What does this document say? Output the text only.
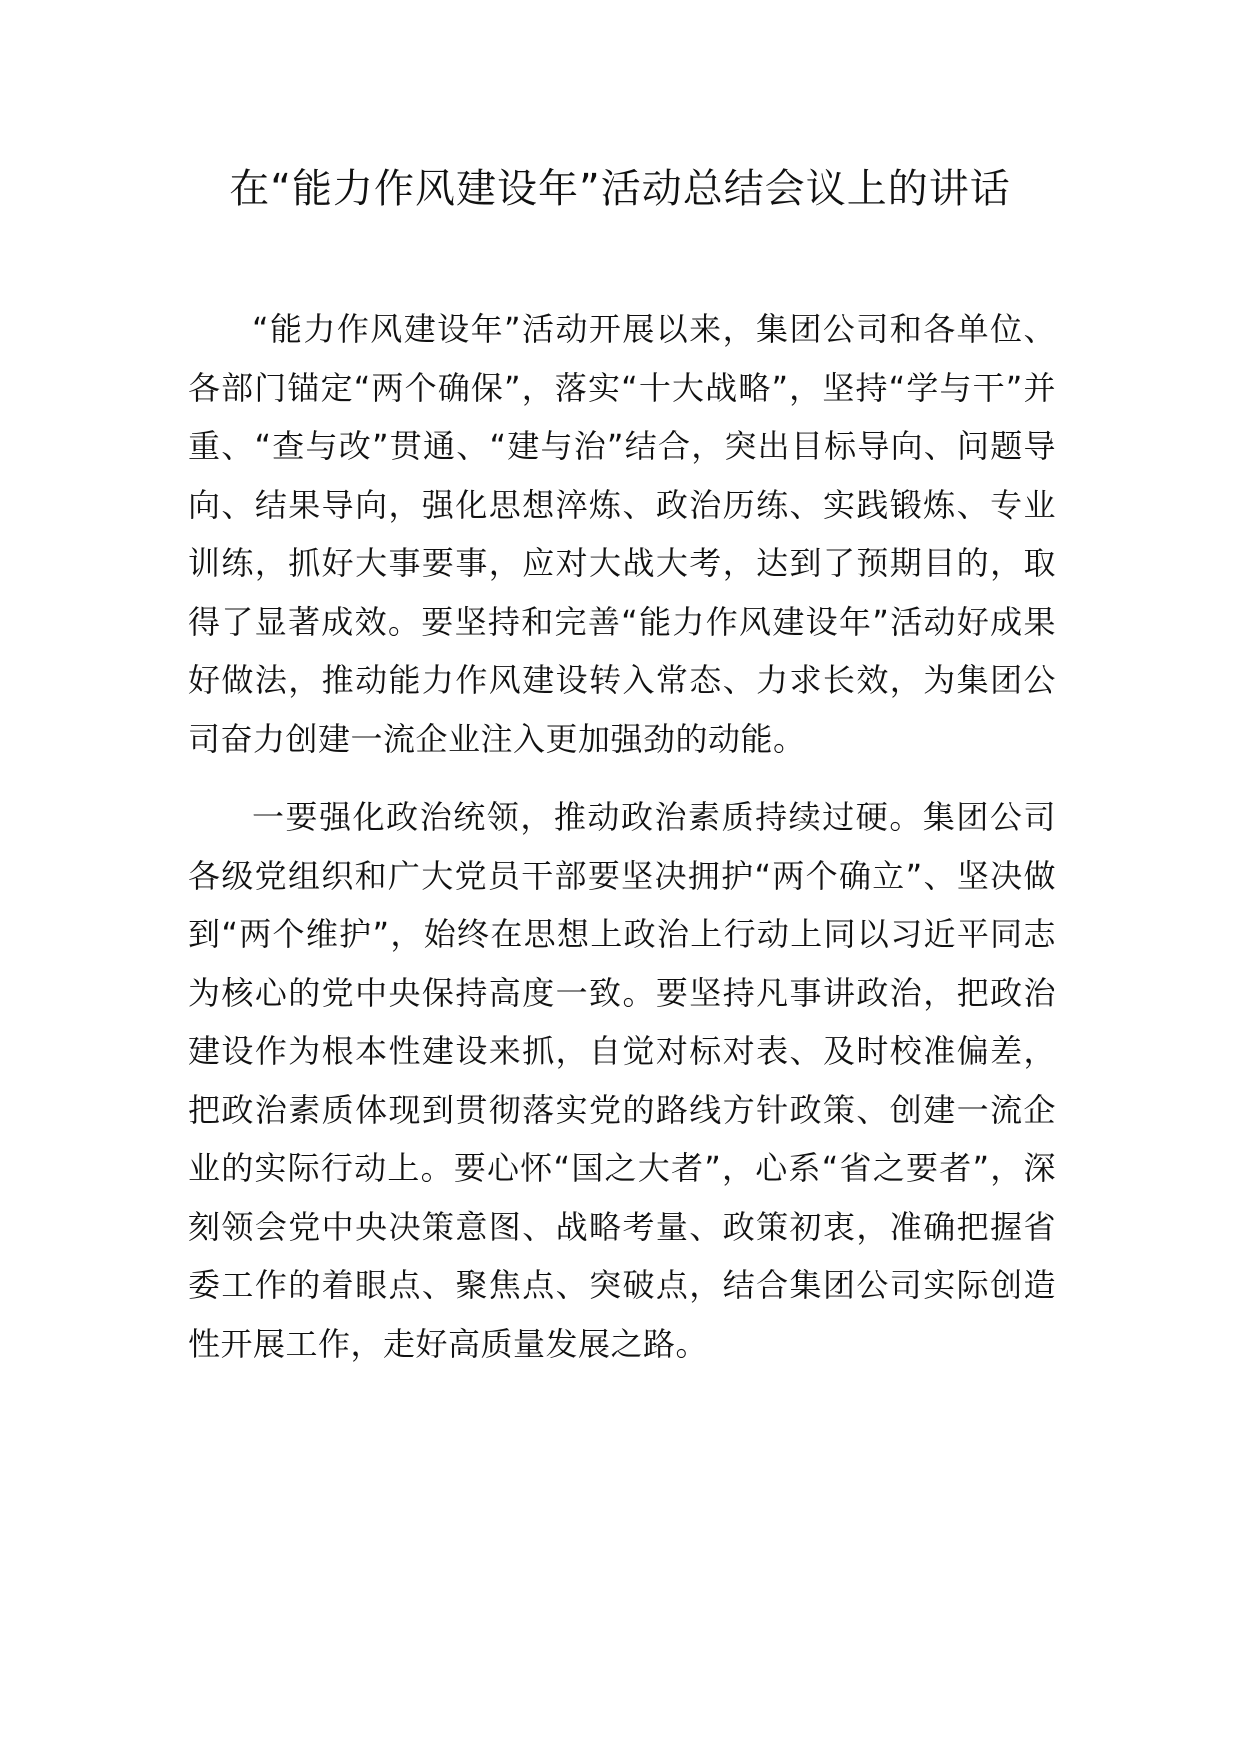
在“能力作风建设年”活动总结会议上的讲话

“能力作风建设年”活动开展以来，集团公司和各单位、各部门锚定“两个确保”，落实“十大战略”，坚持“学与干”并重、“查与改”贯通、“建与治”结合，突出目标导向、问题导向、结果导向，强化思想淬炼、政治历练、实践锻炼、专业训练，抓好大事要事，应对大战大考，达到了预期目的，取得了显著成效。要坚持和完善“能力作风建设年”活动好成果好做法，推动能力作风建设转入常态、力求长效，为集团公司奋力创建一流企业注入更加强劲的动能。

一要强化政治统领，推动政治素质持续过硬。集团公司各级党组织和广大党员干部要坚决拥护“两个确立”、坚决做到“两个维护”，始终在思想上政治上行动上同以习近平同志为核心的党中央保持高度一致。要坚持凡事讲政治，把政治建设作为根本性建设来抓，自觉对标对表、及时校准偏差，把政治素质体现到贯彻落实党的路线方针政策、创建一流企业的实际行动上。要心怀“国之大者”，心系“省之要者”，深刻领会党中央决策意图、战略考量、政策初衷，准确把握省委工作的着眼点、聚焦点、突破点，结合集团公司实际创造性开展工作，走好高质量发展之路。
